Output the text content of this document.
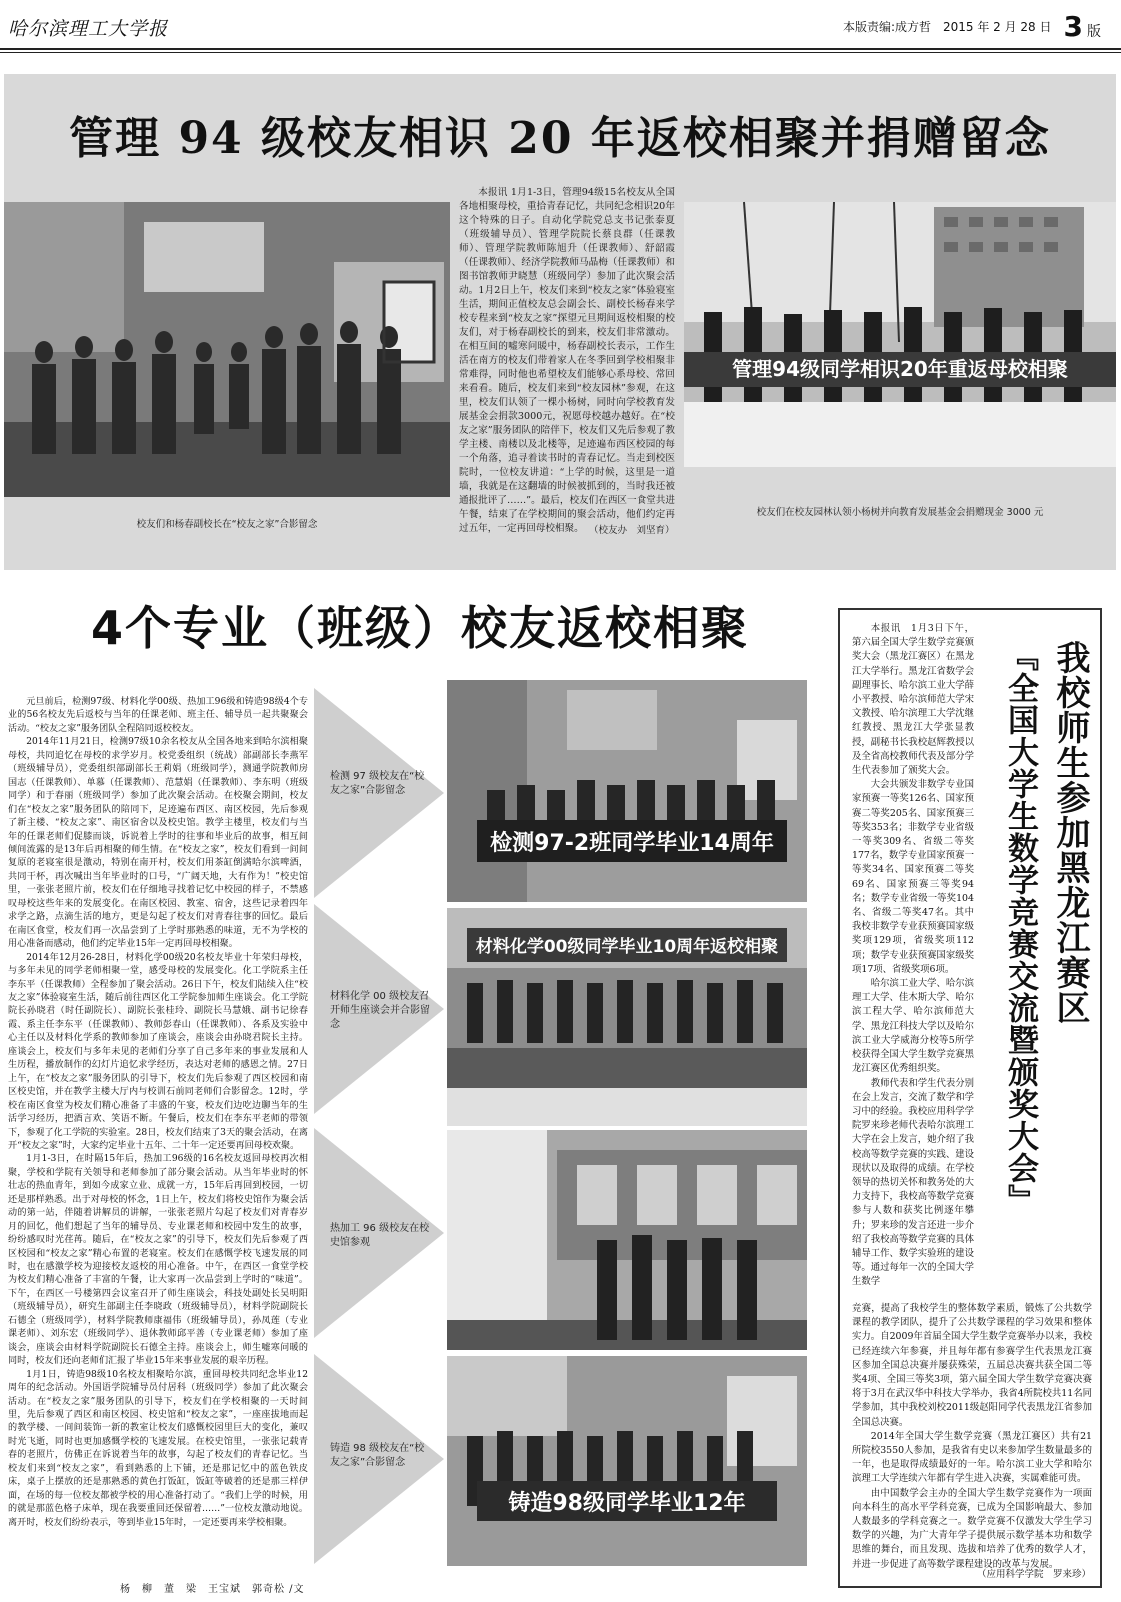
哈尔滨理工大学报	本版责编:成方哲 2015 年 2 月 28 日 3 版
管理 94 级校友相识 20 年返校相聚并捐赠留念
校友们和杨春副校长在“校友之家”合影留念
本报讯 1月1-3日，管理94级15名校友从全国各地相聚母校，重拾青春记忆，共同纪念相识20年这个特殊的日子。自动化学院党总支书记张泰夏（班级辅导员）、管理学院院长蔡良群（任课教师）、管理学院教师陈旭升（任课教师）、舒韶霞（任课教师）、经济学院教师马晶梅（任课教师）和图书馆教师尹晓慧（班级同学）参加了此次聚会活动。1月2日上午，校友们来到“校友之家”体验寝室生活，期间正值校友总会副会长、副校长杨春来学校专程来到“校友之家”探望元旦期间返校相聚的校友们，对于杨春副校长的到来，校友们非常激动。在相互间的嘘寒问暖中，杨春副校长表示，工作生活在南方的校友们带着家人在冬季回到学校相聚非常难得，同时他也希望校友们能够心系母校、常回来看看。随后，校友们来到“校友园林”参观，在这里，校友们认领了一棵小杨树，同时向学校教育发展基金会捐款3000元，祝愿母校越办越好。在“校友之家”服务团队的陪伴下，校友们又先后参观了教学主楼、南楼以及北楼等，足迹遍布西区校园的每一个角落，追寻着读书时的青春记忆。当走到校医院时，一位校友讲道：“上学的时候，这里是一道墙，我就是在这翻墙的时候被抓到的，当时我还被通报批评了……”。最后，校友们在西区一食堂共进午餐，结束了在学校期间的聚会活动，他们约定再过五年，一定再回母校相聚。 （校友办　刘坚育）
管理94级同学相识20年重返母校相聚
校友们在校友园林认领小杨树并向教育发展基金会捐赠现金 3000 元
4个专业（班级）校友返校相聚

元旦前后，检测97级、材料化学00级、热加工96级和铸造98级4个专业的56名校友先后返校与当年的任课老师、班主任、辅导员一起共聚聚会活动。“校友之家”服务团队全程陪同返校校友。

2014年11月21日，检测97级10余名校友从全国各地来到哈尔滨相聚母校，共同追忆在母校的求学岁月。校党委组织（统战）部副部长李燕军（班级辅导员），党委组织部副部长王莉娟（班级同学），测通学院教师房国志（任课教师）、单慕（任课教师）、范慧娟（任课教师）、李东明（班级同学）和于春丽（班级同学）参加了此次聚会活动。在校聚会期间，校友们在“校友之家”服务团队的陪同下，足迹遍布西区、南区校园，先后参观了新主楼、“校友之家”、南区宿舍以及校史馆。教学主楼里，校友们与当年的任课老师们促膝而谈，诉说着上学时的往事和毕业后的故事，相互间倾间流露的是13年后再相聚的师生情。在“校友之家”，校友们看到一间间复原的老寝室很是激动，特别在南开村，校友们用茶缸倒满哈尔滨啤酒，共同干杯，再次喊出当年毕业时的口号，“广阔天地，大有作为！”校史馆里，一张张老照片前，校友们在仔细地寻找着记忆中校园的样子，不禁感叹母校这些年来的发展变化。在南区校园、教室、宿舍，这些记录着四年求学之路，点滴生活的地方，更是勾起了校友们对青春往事的回忆。最后在南区食堂，校友们再一次品尝到了上学时那熟悉的味道，无不为学校的用心准备而感动，他们约定毕业15年一定再回母校相聚。

2014年12月26-28日，材料化学00级20名校友毕业十年荣归母校，与多年未见的同学老师相聚一堂，感受母校的发展变化。化工学院系主任李东平（任课教师）全程参加了聚会活动。26日下午，校友们陆续入住“校友之家”体验寝室生活，随后前往西区化工学院参加师生座谈会。化工学院院长孙晓君（时任副院长）、副院长张桂玲、副院长马慧娥、副书记徐春霞、系主任李东平（任课教师）、教师彭春山（任课教师）、各系及实验中心主任以及材料化学系的教师参加了座谈会，座谈会由孙晓君院长主持。座谈会上，校友们与多年未见的老师们分享了自己多年来的事业发展和人生历程，播放制作的幻灯片追忆求学经历，表达对老师的感恩之情。27日上午，在“校友之家”服务团队的引导下，校友们先后参观了西区校园和南区校史馆，并在教学主楼大厅内与校训石前同老师们合影留念。12时，学校在南区食堂为校友们精心准备了丰盛的午宴，校友们边吃边聊当年的生活学习经历，把酒言欢、笑语不断。午餐后，校友们在李东平老师的带领下，参观了化工学院的实验室。28日，校友们结束了3天的聚会活动，在离开“校友之家”时，大家约定毕业十五年、二十年一定还要再回母校欢聚。

1月1-3日，在时隔15年后，热加工96级的16名校友返回母校再次相聚，学校和学院有关领导和老师参加了部分聚会活动。从当年毕业时的怀壮志的热血青年，到如今成家立业、成就一方，15年后再回到校园，一切还是那样熟悉。出于对母校的怀念，1日上午，校友们将校史馆作为聚会活动的第一站，伴随着讲解员的讲解，一张张老照片勾起了校友们对青春岁月的回忆，他们想起了当年的辅导员、专业课老师和校园中发生的故事，纷纷感叹时光荏苒。随后，在“校友之家”的引导下，校友们先后参观了西区校园和“校友之家”精心布置的老寝室。校友们在感慨学校飞速发展的同时，也在感激学校为迎接校友返校的用心准备。中午，在西区一食堂学校为校友们精心准备了丰富的午餐，让大家再一次品尝到上学时的“味道”。下午，在西区一号楼第四会议室召开了师生座谈会，科技处副处长吴明阳（班级辅导员），研究生部副主任李晓政（班级辅导员），材料学院副院长石德全（班级同学），材料学院教师康福伟（班级辅导员），孙凤莲（专业课老师）、刘东宏（班级同学）、退休教师邱平善（专业课老师）参加了座谈会，座谈会由材料学院副院长石德全主持。座谈会上，师生嘘寒问暖的同时，校友们还向老师们汇报了毕业15年来事业发展的艰辛历程。

1月1日，铸造98级10名校友相聚哈尔滨，重回母校共同纪念毕业12周年的纪念活动。外国语学院辅导员付居科（班级同学）参加了此次聚会活动。在“校友之家”服务团队的引导下，校友们在学校相聚的一天时间里，先后参观了西区和南区校园、校史馆和“校友之家”，一座座拔地而起的教学楼、一间间装饰一新的教室让校友们感慨校园里巨大的变化，兼叹时光飞逝，同时也更加感慨学校的飞速发展。在校史馆里，一张张记载青春的老照片，仿佛正在诉说着当年的故事，勾起了校友们的青春记忆。当校友们来到“校友之家”，看到熟悉的上下铺，还是那记忆中的蓝色铁皮床，桌子上摆放的还是那熟悉的黄色打饭缸，饭缸等破着的还是那三样伊面，在场的每一位校友都被学校的用心准备打动了。“我们上学的时候，用的就是那蓝色格子床单，现在我要重回还保留着……”一位校友激动地说。离开时，校友们纷纷表示，等到毕业15年时，一定还要再来学校相聚。

检测 97 级校友在“校友之家”合影留念
材料化学 00 级校友召开师生座谈会并合影留念
热加工 96 级校友在校史馆参观
铸造 98 级校友在“校友之家”合影留念
检测97-2班同学毕业14周年
材料化学00级同学毕业10周年返校相聚
铸造98级同学毕业12年
杨　柳　董　梁　王宝斌　郭奇松 /文
我校师生参加黑龙江赛区
『全国大学生数学竞赛交流暨颁奖大会』

本报讯　1月3日下午，第六届全国大学生数学竞赛颁奖大会（黑龙江赛区）在黑龙江大学举行。黑龙江省数学会副理事长、哈尔滨工业大学薛小平教授、哈尔滨师范大学宋文教授、哈尔滨理工大学沈继红教授、黑龙江大学张显教授，副秘书长我校赵辉教授以及全省高校教师代表及部分学生代表参加了颁奖大会。

大会共颁发非数学专业国家预赛一等奖126名、国家预赛二等奖205名、国家预赛三等奖353名；非数学专业省级一等奖309名、省级二等奖177名，数学专业国家预赛一等奖34名、国家预赛二等奖69名、国家预赛三等奖94名；数学专业省级一等奖104名、省级二等奖47名。其中我校非数学专业获预赛国家级奖项129项，省级奖项112项；数学专业获预赛国家级奖项17项、省级奖项6项。

哈尔滨工业大学、哈尔滨理工大学、佳木斯大学、哈尔滨工程大学、哈尔滨师范大学、黑龙江科技大学以及哈尔滨工业大学威海分校等5所学校获得全国大学生数学竞赛黑龙江赛区优秀组织奖。

教师代表和学生代表分别在会上发言，交流了数学和学习中的经验。我校应用科学学院罗来珍老师代表哈尔滨理工大学在会上发言，她介绍了我校高等数学竞赛的实践、建设现状以及取得的成绩。在学校领导的热切关怀和教务处的大力支持下，我校高等数学竞赛参与人数和获奖比例逐年攀升；罗来珍的发言还进一步介绍了我校高等数学竞赛的具体辅导工作、数学实验班的建设等。通过每年一次的全国大学生数学

竞赛，提高了我校学生的整体数学素质，锻炼了公共数学课程的教学团队，提升了公共数学课程的学习效果和整体实力。自2009年首届全国大学生数学竞赛举办以来，我校已经连续六年参赛，并且每年都有参赛学生代表黑龙江赛区参加全国总决赛并屡获殊荣，五届总决赛共获全国二等奖4项、全国三等奖3项，第六届全国大学生数学竞赛决赛将于3月在武汉华中科技大学举办，我省4所院校共11名同学参加，其中我校刘校2011级赵阳同学代表黑龙江省参加全国总决赛。

2014年全国大学生数学竞赛（黑龙江赛区）共有21所院校3550人参加，是我省有史以来参加学生数量最多的一年，也是取得成绩最好的一年。哈尔滨工业大学和哈尔滨理工大学连续六年都有学生进入决赛，实属难能可贵。

由中国数学会主办的全国大学生数学竞赛作为一项面向本科生的高水平学科竞赛，已成为全国影响最大、参加人数最多的学科竞赛之一。数学竞赛不仅激发大学生学习数学的兴趣，为广大青年学子提供展示数学基本功和数学思维的舞台，而且发现、选拔和培养了优秀的数学人才，并进一步促进了高等数学课程建设的改革与发展。

（应用科学学院　罗来珍）
